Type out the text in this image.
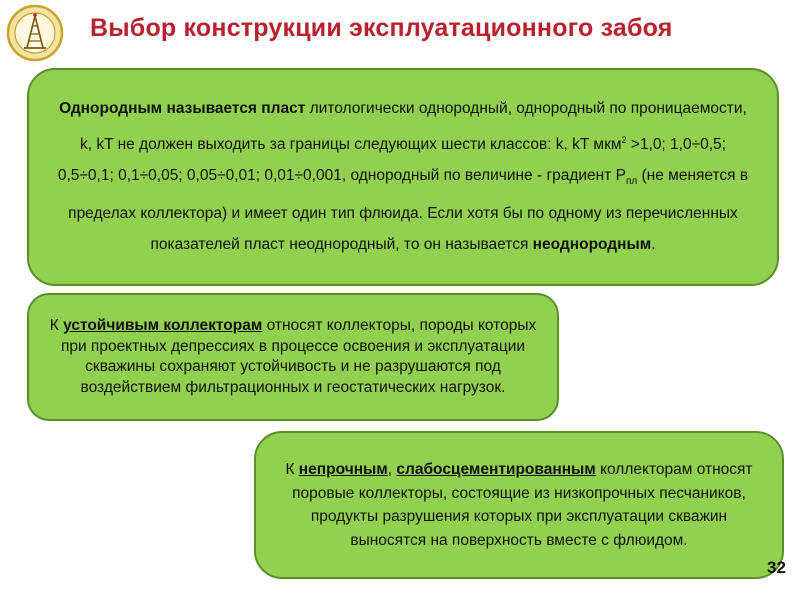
Выбор конструкции эксплуатационного забоя
Однородным называется пласт литологически однородный, однородный по проницаемости, k, kT не должен выходить за границы следующих шести классов: k, kT мкм$^2$ >1,0; 1,0÷0,5; 0,5÷0,1; 0,1÷0,05; 0,05÷0,01; 0,01÷0,001, однородный по величине - градиент $Р_{пл}$ (не меняется в пределах коллектора) и имеет один тип флюида. Если хотя бы по одному из перечисленных показателей пласт неоднородный, то он называется неоднородным.
К устойчивым коллекторам относят коллекторы, породы которых при проектных депрессиях в процессе освоения и эксплуатации скважины сохраняют устойчивость и не разрушаются под воздействием фильтрационных и геостатических нагрузок.
К непрочным, слабосцементированным коллекторам относят поровые коллекторы, состоящие из низкопрочных песчаников, продукты разрушения которых при эксплуатации скважин выносятся на поверхность вместе с флюидом.
32
